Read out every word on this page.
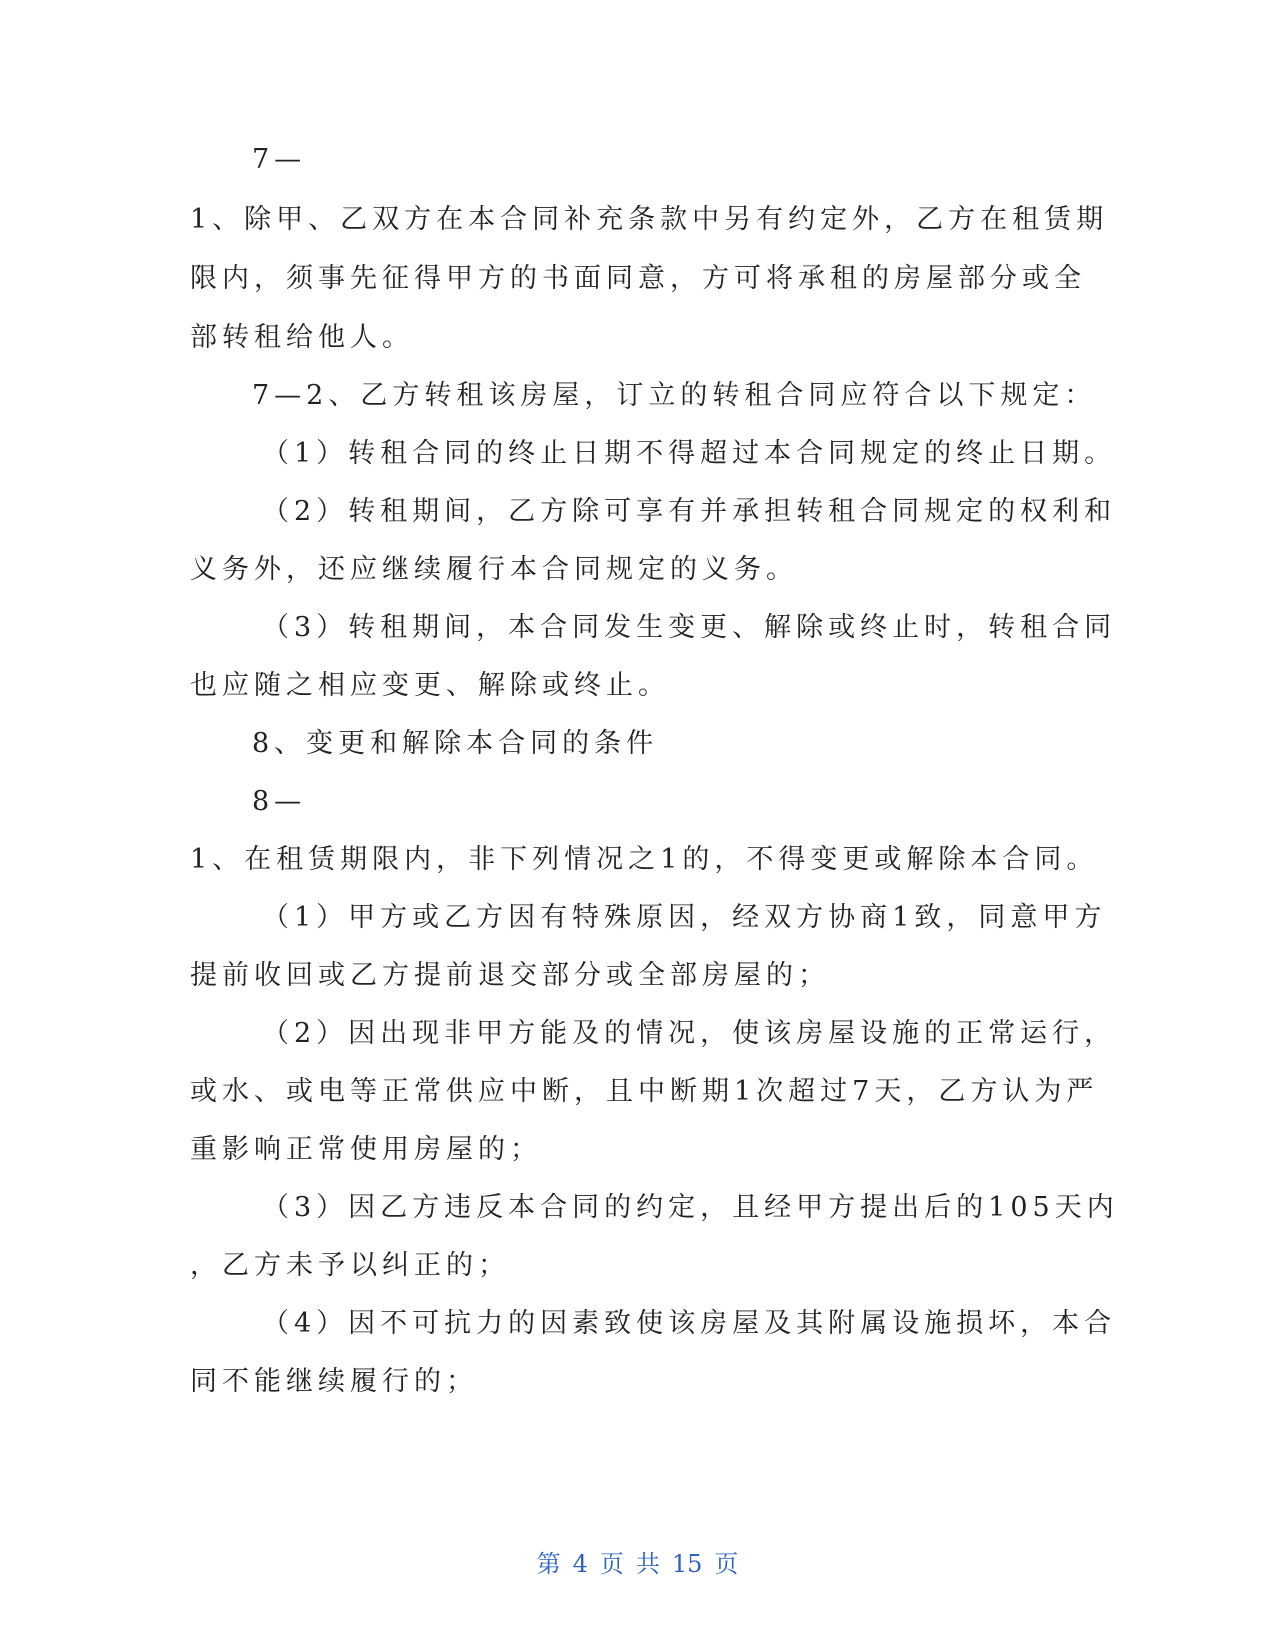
7—
1、除甲、乙双方在本合同补充条款中另有约定外，乙方在租赁期
限内，须事先征得甲方的书面同意，方可将承租的房屋部分或全
部转租给他人。
7—2、乙方转租该房屋，订立的转租合同应符合以下规定：
（1）转租合同的终止日期不得超过本合同规定的终止日期。
（2）转租期间，乙方除可享有并承担转租合同规定的权利和
义务外，还应继续履行本合同规定的义务。
（3）转租期间，本合同发生变更、解除或终止时，转租合同
也应随之相应变更、解除或终止。
8、变更和解除本合同的条件
8—
1、在租赁期限内，非下列情况之1的，不得变更或解除本合同。
（1）甲方或乙方因有特殊原因，经双方协商1致，同意甲方
提前收回或乙方提前退交部分或全部房屋的；
（2）因出现非甲方能及的情况，使该房屋设施的正常运行，
或水、或电等正常供应中断，且中断期1次超过7天，乙方认为严
重影响正常使用房屋的；
（3）因乙方违反本合同的约定，且经甲方提出后的105天内
，乙方未予以纠正的；
（4）因不可抗力的因素致使该房屋及其附属设施损坏，本合
同不能继续履行的；
第 4 页 共 15 页
